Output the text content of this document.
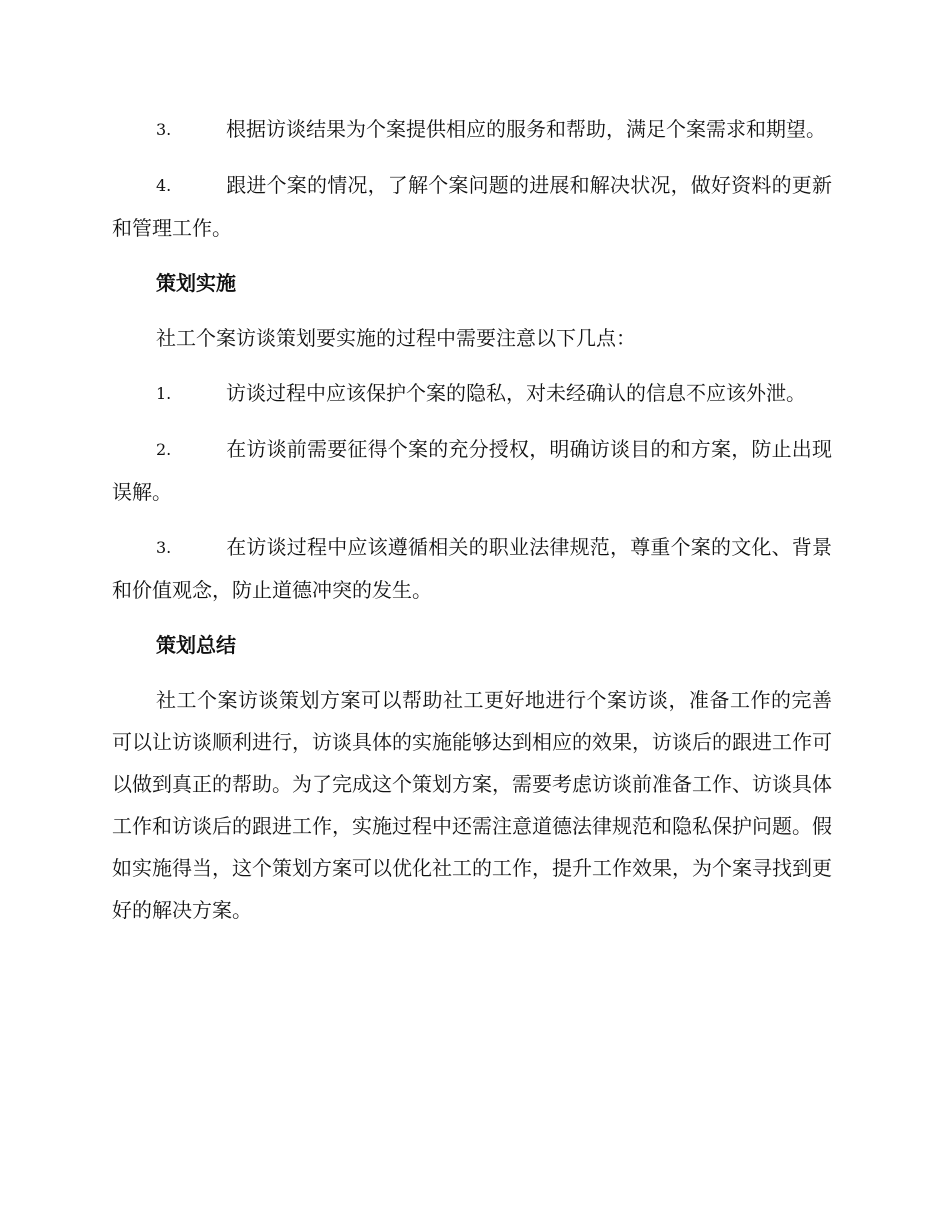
3.	根据访谈结果为个案提供相应的服务和帮助，满足个案需求和期望。

4.	跟进个案的情况，了解个案问题的进展和解决状况，做好资料的更新和管理工作。

策划实施

社工个案访谈策划要实施的过程中需要注意以下几点：

1.	访谈过程中应该保护个案的隐私，对未经确认的信息不应该外泄。

2.	在访谈前需要征得个案的充分授权，明确访谈目的和方案，防止出现误解。

3.	在访谈过程中应该遵循相关的职业法律规范，尊重个案的文化、背景和价值观念，防止道德冲突的发生。

策划总结

社工个案访谈策划方案可以帮助社工更好地进行个案访谈，准备工作的完善可以让访谈顺利进行，访谈具体的实施能够达到相应的效果，访谈后的跟进工作可以做到真正的帮助。为了完成这个策划方案，需要考虑访谈前准备工作、访谈具体工作和访谈后的跟进工作，实施过程中还需注意道德法律规范和隐私保护问题。假如实施得当，这个策划方案可以优化社工的工作，提升工作效果，为个案寻找到更好的解决方案。
